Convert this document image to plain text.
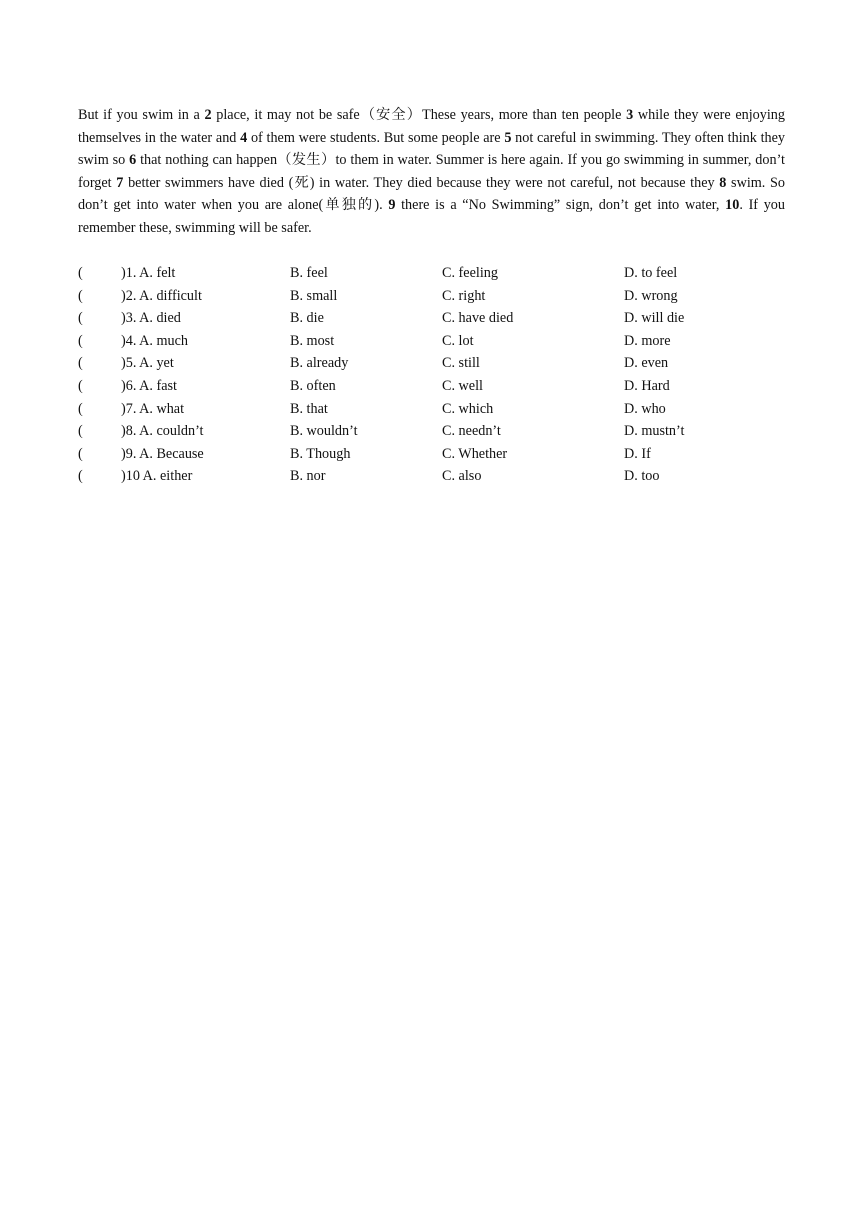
But if you swim in a 2 place, it may not be safe（安全）These years, more than ten people 3 while they were enjoying themselves in the water and 4 of them were students. But some people are 5 not careful in swimming. They often think they swim so 6 that nothing can happen（发生）to them in water. Summer is here again. If you go swimming in summer, don’t forget 7 better swimmers have died (死) in water. They died because they were not careful, not because they 8 swim. So don’t get into water when you are alone(单独的). 9 there is a “No Swimming” sign, don’t get into water, 10. If you remember these, swimming will be safer.

(	)1. A. felt	B. feel	C. feeling	D. to feel
(	)2. A. difficult	B. small	C. right	D. wrong
(	)3. A. died	B. die	C. have died	D. will die
(	)4. A. much	B. most	C. lot	D. more
(	)5. A. yet	B. already	C. still	D. even
(	)6. A. fast	B. often	C. well	D. Hard
(	)7. A. what	B. that	C. which	D. who
(	)8. A. couldn’t	B. wouldn’t	C. needn’t	D. mustn’t
(	)9. A. Because	B. Though	C. Whether	D. If
(	)10 A. either	B. nor	C. also	D. too
